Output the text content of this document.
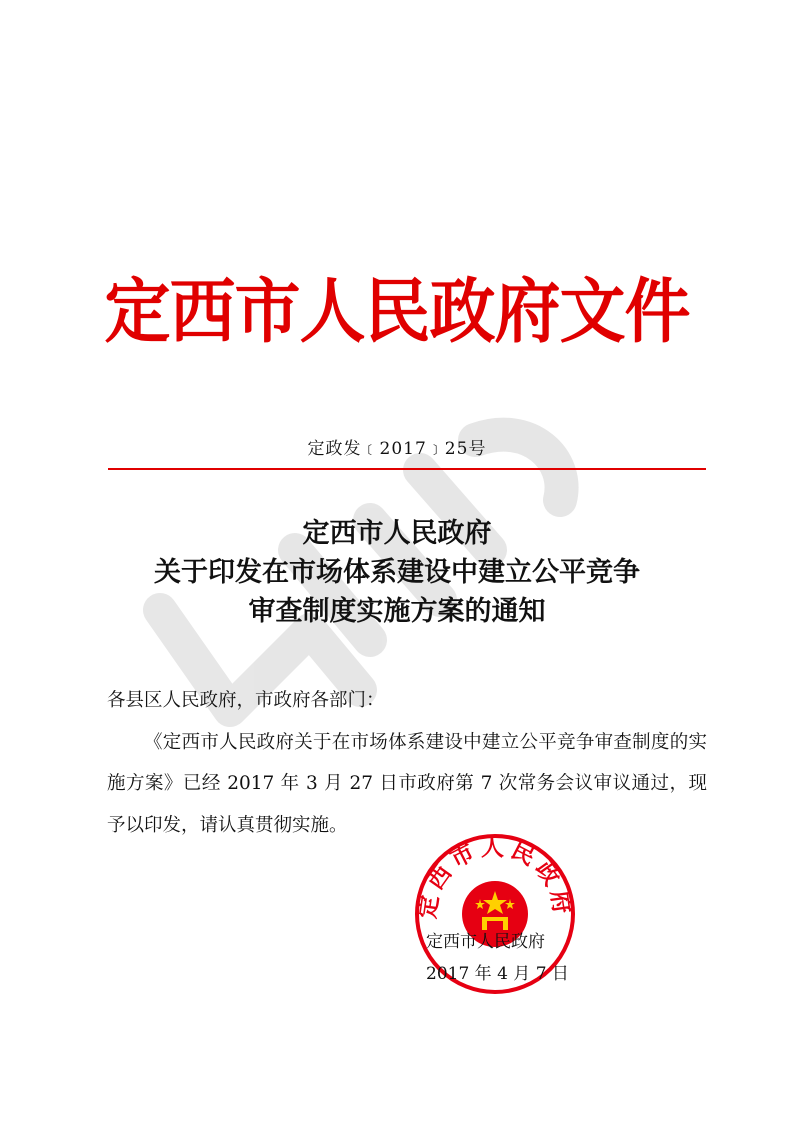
定西市人民政府文件
定政发﹝2017﹞25号
定西市人民政府
关于印发在市场体系建设中建立公平竞争
审查制度实施方案的通知

各县区人民政府，市政府各部门：

《定西市人民政府关于在市场体系建设中建立公平竞争审查制度的实施方案》已经 2017 年 3 月 27 日市政府第 7 次常务会议审议通过，现予以印发，请认真贯彻实施。

定西市人民政府
定西市人民政府
2017 年 4 月 7 日
